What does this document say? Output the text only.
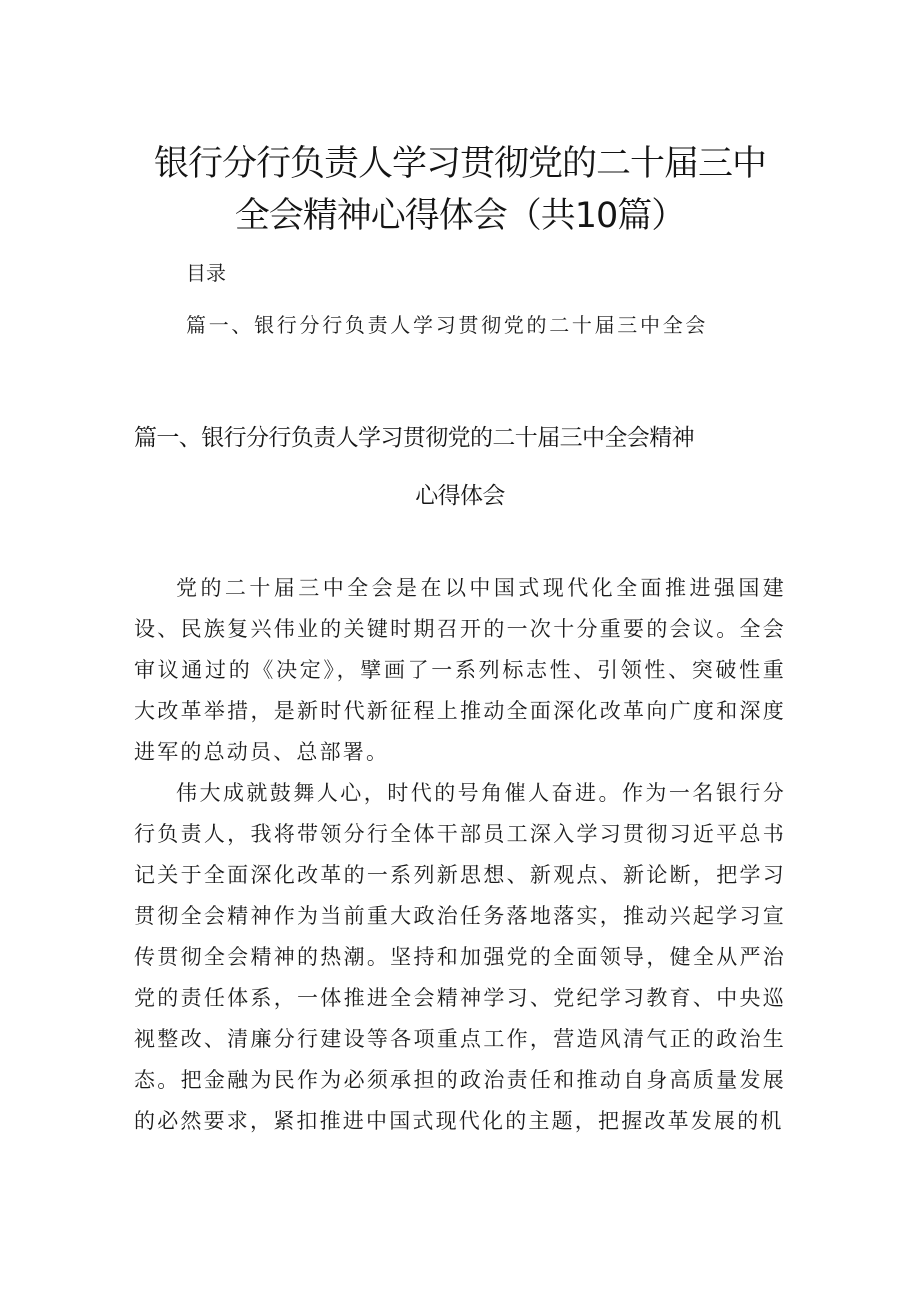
银行分行负责人学习贯彻党的二十届三中
全会精神心得体会（共10篇）
目录
篇一、银行分行负责人学习贯彻党的二十届三中全会
篇一、银行分行负责人学习贯彻党的二十届三中全会精神
心得体会

党的二十届三中全会是在以中国式现代化全面推进强国建设、民族复兴伟业的关键时期召开的一次十分重要的会议。全会审议通过的《决定》，擘画了一系列标志性、引领性、突破性重大改革举措，是新时代新征程上推动全面深化改革向广度和深度进军的总动员、总部署。

伟大成就鼓舞人心，时代的号角催人奋进。作为一名银行分行负责人，我将带领分行全体干部员工深入学习贯彻习近平总书记关于全面深化改革的一系列新思想、新观点、新论断，把学习贯彻全会精神作为当前重大政治任务落地落实，推动兴起学习宣传贯彻全会精神的热潮。坚持和加强党的全面领导，健全从严治党的责任体系，一体推进全会精神学习、党纪学习教育、中央巡视整改、清廉分行建设等各项重点工作，营造风清气正的政治生态。把金融为民作为必须承担的政治责任和推动自身高质量发展的必然要求，紧扣推进中国式现代化的主题，把握改革发展的机
